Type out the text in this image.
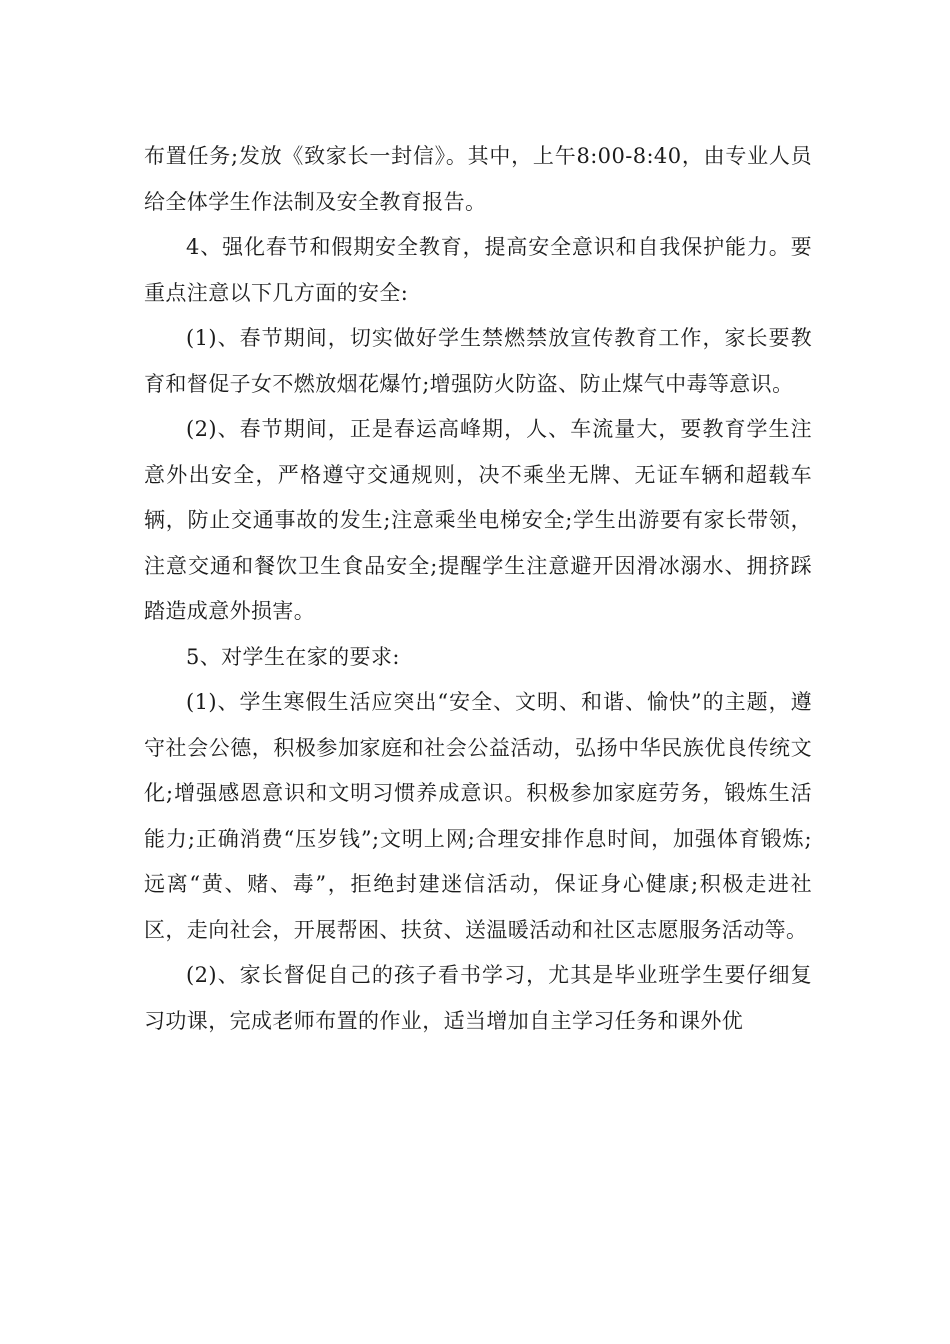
布置任务;发放《致家长一封信》。其中，上午8:00-8:40，由专业人员给全体学生作法制及安全教育报告。

4、强化春节和假期安全教育，提高安全意识和自我保护能力。要重点注意以下几方面的安全:

(1)、春节期间，切实做好学生禁燃禁放宣传教育工作，家长要教育和督促子女不燃放烟花爆竹;增强防火防盗、防止煤气中毒等意识。

(2)、春节期间，正是春运高峰期，人、车流量大，要教育学生注意外出安全，严格遵守交通规则，决不乘坐无牌、无证车辆和超载车辆，防止交通事故的发生;注意乘坐电梯安全;学生出游要有家长带领，注意交通和餐饮卫生食品安全;提醒学生注意避开因滑冰溺水、拥挤踩踏造成意外损害。

5、对学生在家的要求:

(1)、学生寒假生活应突出“安全、文明、和谐、愉快”的主题，遵守社会公德，积极参加家庭和社会公益活动，弘扬中华民族优良传统文化;增强感恩意识和文明习惯养成意识。积极参加家庭劳务，锻炼生活能力;正确消费“压岁钱”;文明上网;合理安排作息时间，加强体育锻炼;远离“黄、赌、毒”，拒绝封建迷信活动，保证身心健康;积极走进社区，走向社会，开展帮困、扶贫、送温暖活动和社区志愿服务活动等。

(2)、家长督促自己的孩子看书学习，尤其是毕业班学生要仔细复习功课，完成老师布置的作业，适当增加自主学习任务和课外优
